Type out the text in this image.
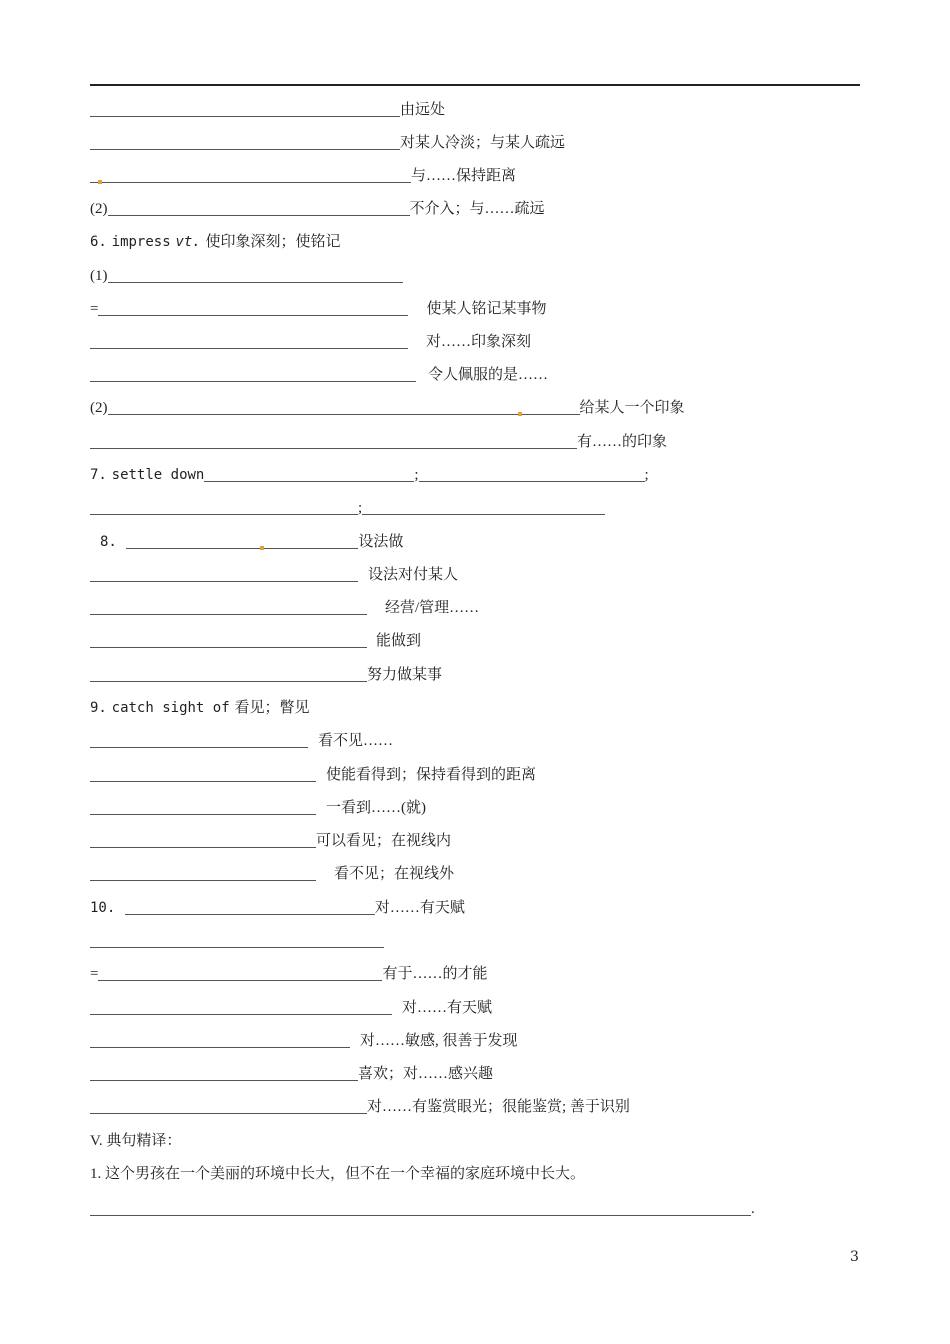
由远处
对某人冷淡；与某人疏远
与……保持距离
(2)	不介入；与……疏远
6.
impress
vt.
使印象深刻；使铭记
(1)
=	使某人铭记某事物
对……印象深刻
令人佩服的是……
(2)	给某人一个印象
有……的印象
7.
settle down	;	;
;
8.
	设法做
设法对付某人
经营/管理……
能做到
努力做某事
9.
catch sight of
看见；瞥见
看不见……
使能看得到；保持看得到的距离
一看到……(就)
可以看见；在视线内
看不见；在视线外
10.
	对……有天赋
=	有于……的才能
对……有天赋
对……敏感, 很善于发现
喜欢；对……感兴趣
对……有鉴赏眼光；很能鉴赏; 善于识别
V. 典句精译：
1. 这个男孩在一个美丽的环境中长大，但不在一个幸福的家庭环境中长大。
.
3
